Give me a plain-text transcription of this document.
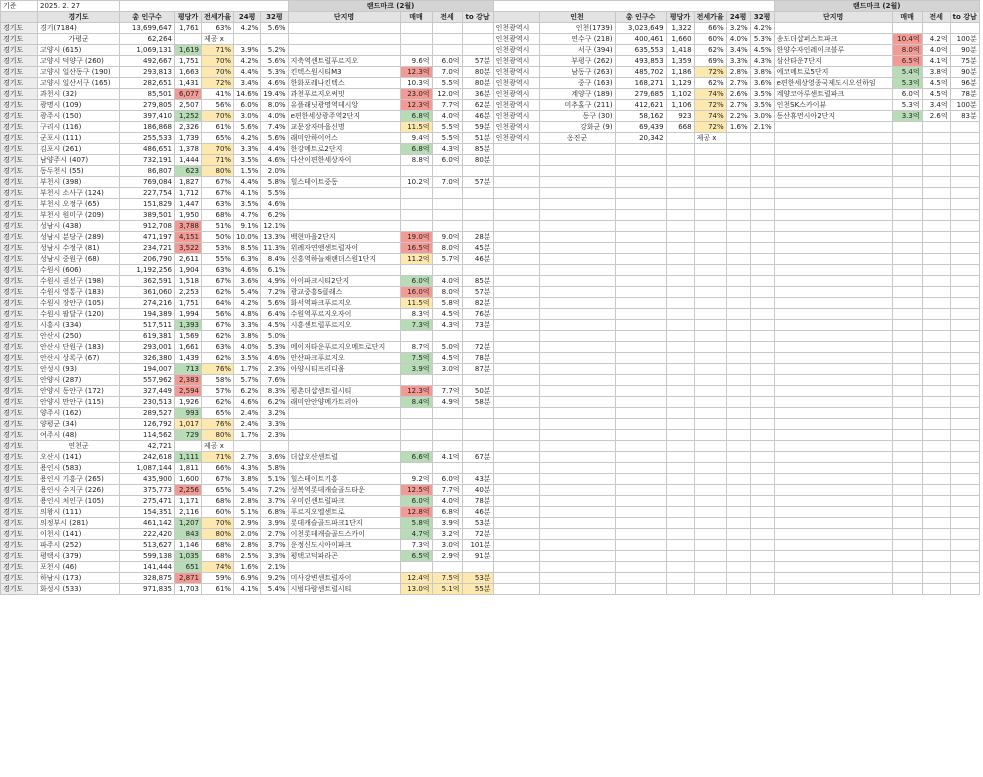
기준	2025. 2. 27						랜드마크 (2월)											랜드마크 (2월)			
	경기도	총 인구수	평당가	전세가율	24평	32평	단지명	매매	전세	to 강남		인천	총 인구수	평당가	전세가율	24평	32평	단지명	매매	전세	to 강남
경기도	경기(7184)	13,699,647	1,761	63%	4.2%	5.6%					인천광역시	인천(1739)	3,023,649	1,322	66%	3.2%	4.2%				
경기도	가평군	62,264		제공 x							인천광역시	연수구 (218)	400,461	1,660	60%	4.0%	5.3%	송도더샵퍼스트파크	10.4억	4.2억	100분
경기도	고양시 (615)	1,069,131	1,619	71%	3.9%	5.2%					인천광역시	서구 (394)	635,553	1,418	62%	3.4%	4.5%	한양수자인레이크블루	8.0억	4.0억	90분
경기도	고양시 덕양구 (260)	492,667	1,751	70%	4.2%	5.6%	지축역센트럴푸르지오	9.6억	6.0억	57분	인천광역시	부평구 (262)	493,853	1,359	69%	3.3%	4.3%	삼산타운7단지	6.5억	4.1억	75분
경기도	고양시 일산동구 (190)	293,813	1,663	70%	4.4%	5.3%	킨텍스원시티M3	12.3억	7.0억	80분	인천광역시	남동구 (263)	485,702	1,186	72%	2.8%	3.8%	에코메트로5단지	5.4억	3.8억	90분
경기도	고양시 일산서구 (165)	282,651	1,431	72%	3.4%	4.6%	한화포레나킨텍스	10.3억	5.5억	80분	인천광역시	중구 (163)	168,271	1,129	62%	2.7%	3.6%	e편한세상영종국제도시오션하임	5.3억	4.5억	96분
경기도	과천시 (32)	85,501	6,077	41%	14.6%	19.4%	과천푸르지오써밋	23.0억	12.0억	36분	인천광역시	계양구 (189)	279,685	1,102	74%	2.6%	3.5%	계양코아루센트럴파크	6.0억	4.5억	78분
경기도	광명시 (109)	279,805	2,507	56%	6.0%	8.0%	유플래닛광명역데시앙	12.3억	7.7억	62분	인천광역시	미추홀구 (211)	412,621	1,106	72%	2.7%	3.5%	인천SK스카이뷰	5.3억	3.4억	100분
경기도	광주시 (150)	397,410	1,252	70%	3.0%	4.0%	e편한세상광주역2단지	6.8억	4.0억	46분	인천광역시	동구 (30)	58,162	923	74%	2.2%	3.0%	동산휴먼시아2단지	3.3억	2.6억	83분
경기도	구리시 (116)	186,868	2,326	61%	5.6%	7.4%	교문장자마을신명	11.5억	5.5억	59분	인천광역시	강화군 (9)	69,439	668	72%	1.6%	2.1%				
경기도	군포시 (111)	255,533	1,739	65%	4.2%	5.6%	래미안하이어스	9.4억	5.5억	51분	인천광역시	옹진군	20,342		제공 x						
경기도	김포시 (261)	486,651	1,378	70%	3.3%	4.4%	한강메트로2단지	6.8억	4.3억	85분											
경기도	남양주시 (407)	732,191	1,444	71%	3.5%	4.6%	다산이편한세상자이	8.8억	6.0억	80분											
경기도	동두천시 (55)	86,807	623	80%	1.5%	2.0%															
경기도	부천시 (398)	769,084	1,827	67%	4.4%	5.8%	힐스테이트중동	10.2억	7.0억	57분											
경기도	부천시 소사구 (124)	227,754	1,712	67%	4.1%	5.5%															
경기도	부천시 오정구 (65)	151,829	1,447	63%	3.5%	4.6%															
경기도	부천시 원미구 (209)	389,501	1,950	68%	4.7%	6.2%															
경기도	성남시 (438)	912,708	3,788	51%	9.1%	12.1%															
경기도	성남시 분당구 (289)	471,197	4,151	50%	10.0%	13.3%	백현마을2단지	19.0억	9.0억	28분											
경기도	성남시 수정구 (81)	234,721	3,522	53%	8.5%	11.3%	위례자연앤센트럴자이	16.5억	8.0억	45분											
경기도	성남시 중원구 (68)	206,790	2,611	55%	6.3%	8.4%	신흥역하늘채랜더스원1단지	11.2억	5.7억	46분											
경기도	수원시 (606)	1,192,256	1,904	63%	4.6%	6.1%															
경기도	수원시 권선구 (198)	362,591	1,518	67%	3.6%	4.9%	아이파크시티2단지	6.0억	4.0억	85분											
경기도	수원시 영통구 (183)	361,060	2,253	62%	5.4%	7.2%	광교중흥S클래스	16.0억	8.0억	57분											
경기도	수원시 장안구 (105)	274,216	1,751	64%	4.2%	5.6%	화서역파크푸르지오	11.5억	5.8억	82분											
경기도	수원시 팔달구 (120)	194,389	1,994	56%	4.8%	6.4%	수원역푸르지오자이	8.3억	4.5억	76분											
경기도	시흥시 (334)	517,511	1,393	67%	3.3%	4.5%	시흥센트럴푸르지오	7.3억	4.3억	73분											
경기도	안산시 (250)	619,381	1,569	62%	3.8%	5.0%															
경기도	안산시 단원구 (183)	293,001	1,661	63%	4.0%	5.3%	메이저타운푸르지오메트로단지	8.7억	5.0억	72분											
경기도	안산시 상록구 (67)	326,380	1,439	62%	3.5%	4.6%	안산파크푸르지오	7.5억	4.5억	78분											
경기도	안성시 (93)	194,007	713	76%	1.7%	2.3%	아양시티프리디움	3.9억	3.0억	87분											
경기도	안양시 (287)	557,962	2,383	58%	5.7%	7.6%															
경기도	안양시 동안구 (172)	327,449	2,594	57%	6.2%	8.3%	평촌더샵센트럴시티	12.3억	7.7억	50분											
경기도	안양시 만안구 (115)	230,513	1,926	62%	4.6%	6.2%	래미안안양메가트리아	8.4억	4.9억	58분											
경기도	양주시 (162)	289,527	993	65%	2.4%	3.2%															
경기도	양평군 (34)	126,792	1,017	76%	2.4%	3.3%															
경기도	여주시 (48)	114,562	729	80%	1.7%	2.3%															
경기도	연천군	42,721		제공 x																	
경기도	오산시 (141)	242,618	1,111	71%	2.7%	3.6%	더샵오산센트럴	6.6억	4.1억	67분											
경기도	용인시 (583)	1,087,144	1,811	66%	4.3%	5.8%															
경기도	용인시 기흥구 (265)	435,900	1,600	67%	3.8%	5.1%	힐스테이트기흥	9.2억	6.0억	43분											
경기도	용인시 수지구 (226)	375,773	2,256	65%	5.4%	7.2%	성복역롯데캐슬골드타운	12.5억	7.7억	40분											
경기도	용인시 처인구 (105)	275,471	1,171	68%	2.8%	3.7%	우미린센트럴파크	6.0억	4.0억	78분											
경기도	의왕시 (111)	154,351	2,116	60%	5.1%	6.8%	푸르지오엘센트로	12.8억	6.8억	46분											
경기도	의정부시 (281)	461,142	1,207	70%	2.9%	3.9%	롯데캐슬골드파크1단지	5.8억	3.9억	53분											
경기도	이천시 (141)	222,420	843	80%	2.0%	2.7%	이천롯데캐슬골드스카이	4.7억	3.2억	72분											
경기도	파주시 (252)	513,627	1,146	68%	2.8%	3.7%	운정신도시아이파크	7.3억	3.0억	101분											
경기도	평택시 (379)	599,138	1,035	68%	2.5%	3.3%	평택고덕파라곤	6.5억	2.9억	91분											
경기도	포천시 (46)	141,444	651	74%	1.6%	2.1%															
경기도	하남시 (173)	328,875	2,871	59%	6.9%	9.2%	미사강변센트럴자이	12.4억	7.5억	53분											
경기도	화성시 (533)	971,835	1,703	61%	4.1%	5.4%	시범다람센트럴시티	13.0억	5.1억	55분											
